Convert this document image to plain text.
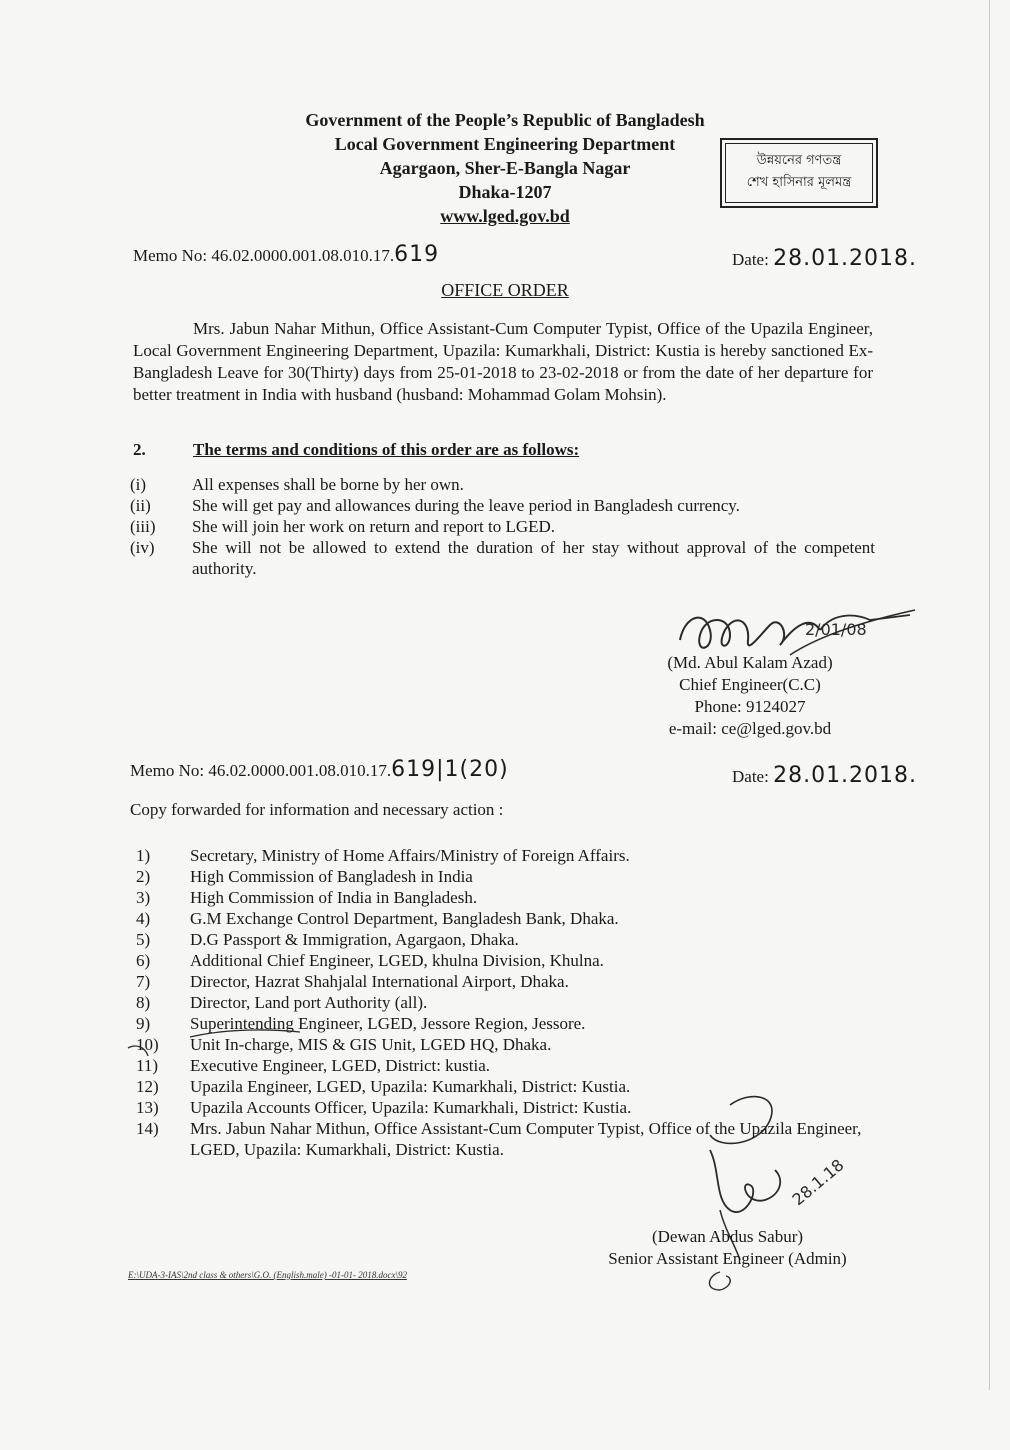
Government of the People’s Republic of Bangladesh
Local Government Engineering Department
Agargaon, Sher-E-Bangla Nagar
Dhaka-1207
www.lged.gov.bd
উন্নয়নের গণতন্ত্র
শেখ হাসিনার মূলমন্ত্র
Memo No: 46.02.0000.001.08.010.17.619	Date: 28.01.2018.
OFFICE ORDER

Mrs. Jabun Nahar Mithun, Office Assistant-Cum Computer Typist, Office of the Upazila Engineer, Local Government Engineering Department, Upazila: Kumarkhali, District: Kustia is hereby sanctioned Ex-Bangladesh Leave for 30(Thirty) days from 25-01-2018 to 23-02-2018 or from the date of her departure for better treatment in India with husband (husband: Mohammad Golam Mohsin).

2.	The terms and conditions of this order are as follows:
(i)	All expenses shall be borne by her own.
(ii)	She will get pay and allowances during the leave period in Bangladesh currency.
(iii)	She will join her work on return and report to LGED.
(iv)	She will not be allowed to extend the duration of her stay without approval of the competent authority.
2/01/08
(Md. Abul Kalam Azad)
Chief Engineer(C.C)
Phone: 9124027
e-mail: ce@lged.gov.bd
Memo No: 46.02.0000.001.08.010.17.619|1(20)	Date: 28.01.2018.
Copy forwarded for information and necessary action :
1)	Secretary, Ministry of Home Affairs/Ministry of Foreign Affairs.
2)	High Commission of Bangladesh in India
3)	High Commission of India in Bangladesh.
4)	G.M Exchange Control Department, Bangladesh Bank, Dhaka.
5)	D.G Passport & Immigration, Agargaon, Dhaka.
6)	Additional Chief Engineer, LGED, khulna Division, Khulna.
7)	Director, Hazrat Shahjalal International Airport, Dhaka.
8)	Director, Land port Authority (all).
9)	Superintending Engineer, LGED, Jessore Region, Jessore.
10)	Unit In-charge, MIS & GIS Unit, LGED HQ, Dhaka.
11)	Executive Engineer, LGED, District: kustia.
12)	Upazila Engineer, LGED, Upazila: Kumarkhali, District: Kustia.
13)	Upazila Accounts Officer, Upazila: Kumarkhali, District: Kustia.
14)	Mrs. Jabun Nahar Mithun, Office Assistant-Cum Computer Typist, Office of the Upazila Engineer, LGED, Upazila: Kumarkhali, District: Kustia.
28.1.18
(Dewan Abdus Sabur)
Senior Assistant Engineer (Admin)
E:\UDA-3-IAS\2nd class & others\G.O. (English.male) -01-01- 2018.docx\92
